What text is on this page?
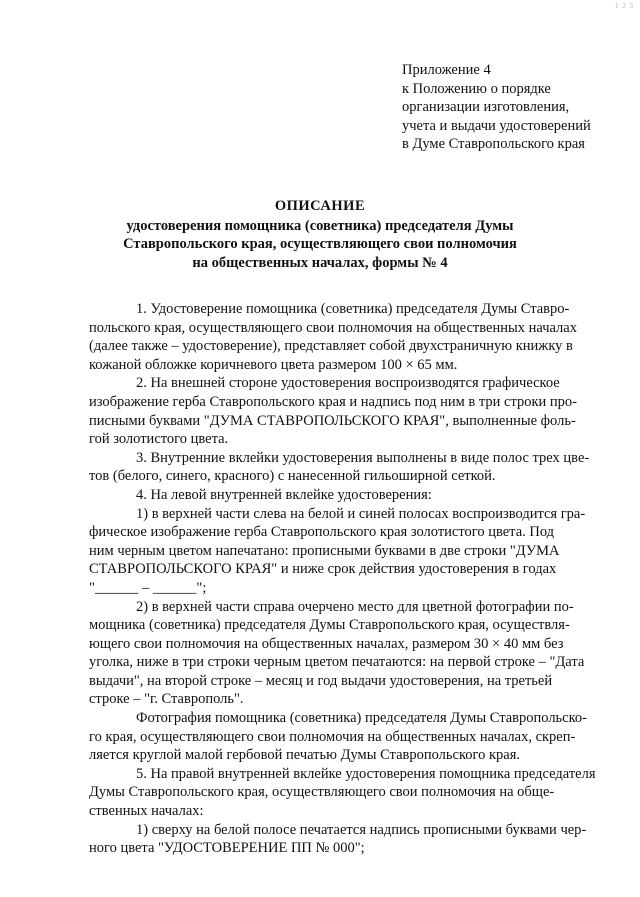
1 2 3
Приложение 4
к Положению о порядке
организации изготовления,
учета и выдачи удостоверений
в Думе Ставропольского края
ОПИСАНИЕ
удостоверения помощника (советника) председателя Думы
Ставропольского края, осуществляющего свои полномочия
на общественных началах, формы № 4
1. Удостоверение помощника (советника) председателя Думы Ставро-
польского края, осуществляющего свои полномочия на общественных началах
(далее также – удостоверение), представляет собой двухстраничную книжку в
кожаной обложке коричневого цвета размером 100 × 65 мм.
2. На внешней стороне удостоверения воспроизводятся графическое
изображение герба Ставропольского края и надпись под ним в три строки про-
писными буквами "ДУМА СТАВРОПОЛЬСКОГО КРАЯ", выполненные фоль-
гой золотистого цвета.
3. Внутренние вклейки удостоверения выполнены в виде полос трех цве-
тов (белого, синего, красного) с нанесенной гильоширной сеткой.
4. На левой внутренней вклейке удостоверения:
1) в верхней части слева на белой и синей полосах воспроизводится гра-
фическое изображение герба Ставропольского края золотистого цвета. Под
ним черным цветом напечатано: прописными буквами в две строки "ДУМА
СТАВРОПОЛЬСКОГО КРАЯ" и ниже срок действия удостоверения в годах
"______ – ______";
2) в верхней части справа очерчено место для цветной фотографии по-
мощника (советника) председателя Думы Ставропольского края, осуществля-
ющего свои полномочия на общественных началах, размером 30 × 40 мм без
уголка, ниже в три строки черным цветом печатаются: на первой строке – "Дата
выдачи", на второй строке – месяц и год выдачи удостоверения, на третьей
строке – "г. Ставрополь".
Фотография помощника (советника) председателя Думы Ставропольско-
го края, осуществляющего свои полномочия на общественных началах, скреп-
ляется круглой малой гербовой печатью Думы Ставропольского края.
5. На правой внутренней вклейке удостоверения помощника председателя
Думы Ставропольского края, осуществляющего свои полномочия на обще-
ственных началах:
1) сверху на белой полосе печатается надпись прописными буквами чер-
ного цвета "УДОСТОВЕРЕНИЕ ПП № 000";
